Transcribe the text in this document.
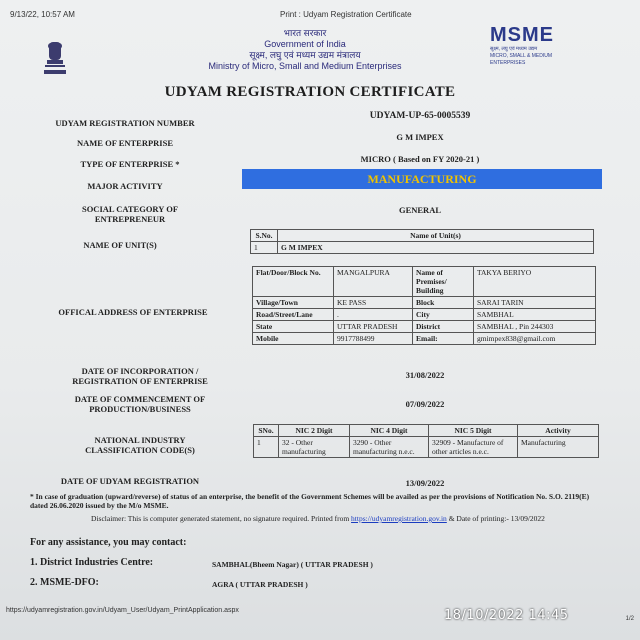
9/13/22, 10:57 AM	Print : Udyam Registration Certificate
भारत सरकार
Government of India
सूक्ष्म, लघु एवं मध्यम उद्यम मंत्रालय
Ministry of Micro, Small and Medium Enterprises
MSME
सूक्ष्म, लघु एवं मध्यम उद्यम
MICRO, SMALL & MEDIUM ENTERPRISES
UDYAM REGISTRATION CERTIFICATE
UDYAM REGISTRATION NUMBER
UDYAM-UP-65-0005539
NAME OF ENTERPRISE
G M IMPEX
TYPE OF ENTERPRISE *	MICRO ( Based on FY 2020-21 )
MAJOR ACTIVITY	MANUFACTURING
SOCIAL CATEGORY OF
ENTREPRENEUR
GENERAL
NAME OF UNIT(S)
S.No.	Name of Unit(s)
1	G M IMPEX
OFFICAL ADDRESS OF ENTERPRISE
Flat/Door/Block No.	MANGALPURA	Name of Premises/ Building	TAKYA BERIYO
Village/Town	KE PASS	Block	SARAI TARIN
Road/Street/Lane	.	City	SAMBHAL
State	UTTAR PRADESH	District	SAMBHAL , Pin 244303
Mobile	9917788499	Email:	gmimpex838@gmail.com
DATE OF INCORPORATION /
REGISTRATION OF ENTERPRISE
31/08/2022
DATE OF COMMENCEMENT OF
PRODUCTION/BUSINESS	07/09/2022
NATIONAL INDUSTRY
CLASSIFICATION CODE(S)
SNo.	NIC 2 Digit	NIC 4 Digit	NIC 5 Digit	Activity
1	32 - Other manufacturing	3290 - Other manufacturing n.e.c.	32909 - Manufacture of other articles n.e.c.	Manufacturing
DATE OF UDYAM REGISTRATION	13/09/2022
* In case of graduation (upward/reverse) of status of an enterprise, the benefit of the Government Schemes will be availed as per the provisions of Notification No. S.O. 2119(E) dated 26.06.2020 issued by the M/o MSME.
Disclaimer: This is computer generated statement, no signature required. Printed from https://udyamregistration.gov.in & Date of printing:- 13/09/2022
For any assistance, you may contact:
1. District Industries Centre:	SAMBHAL(Bheem Nagar) ( UTTAR PRADESH )
2. MSME-DFO:	AGRA ( UTTAR PRADESH )
https://udyamregistration.gov.in/Udyam_User/Udyam_PrintApplication.aspx
1/2
18/10/2022 14:45
